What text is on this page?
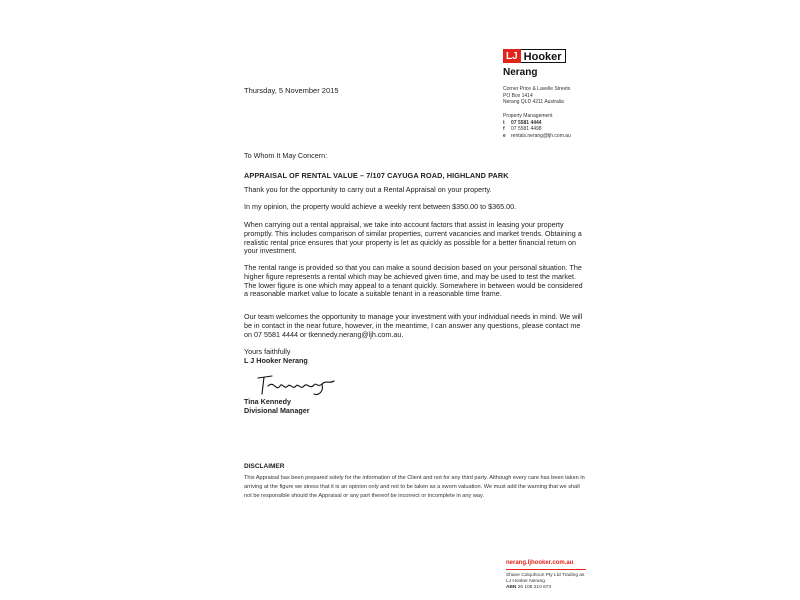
LJ Hooker
Nerang
Corner Price & Lavelle Streets
PO Box 1414
Nerang QLD 4211 Australia
Property Management
t	07 5581 4444
f	07 5581 4498
e rentals.nerang@ljh.com.au
Thursday, 5 November 2015
To Whom It May Concern:
APPRAISAL OF RENTAL VALUE – 7/107 CAYUGA ROAD, HIGHLAND PARK
Thank you for the opportunity to carry out a Rental Appraisal on your property.
In my opinion, the property would achieve a weekly rent between $350.00 to $365.00.
When carrying out a rental appraisal, we take into account factors that assist in leasing your property promptly. This includes comparison of similar properties, current vacancies and market trends. Obtaining a realistic rental price ensures that your property is let as quickly as possible for a better financial return on your investment.
The rental range is provided so that you can make a sound decision based on your personal situation. The higher figure represents a rental which may be achieved given time, and may be used to test the market. The lower figure is one which may appeal to a tenant quickly. Somewhere in between would be considered a reasonable market value to locate a suitable tenant in a reasonable time frame.
Our team welcomes the opportunity to manage your investment with your individual needs in mind. We will be in contact in the near future, however, in the meantime, I can answer any questions, please contact me on 07 5581 4444 or tkennedy.nerang@ljh.com.au.
Yours faithfully
L J Hooker Nerang
Tina Kennedy
Divisional Manager
DISCLAIMER
This Appraisal has been prepared solely for the information of the Client and not for any third party. Although every care has been taken in arriving at the figure we stress that it is an opinion only and not to be taken as a sworn valuation. We must add the warning that we shall not be responsible should the Appraisal or any part thereof be incorrect or incomplete in any way.
nerang.ljhooker.com.au
Shane Colquhoun Pty Ltd Trading as
LJ Hooker Nerang
ABN 26 108 210 673
